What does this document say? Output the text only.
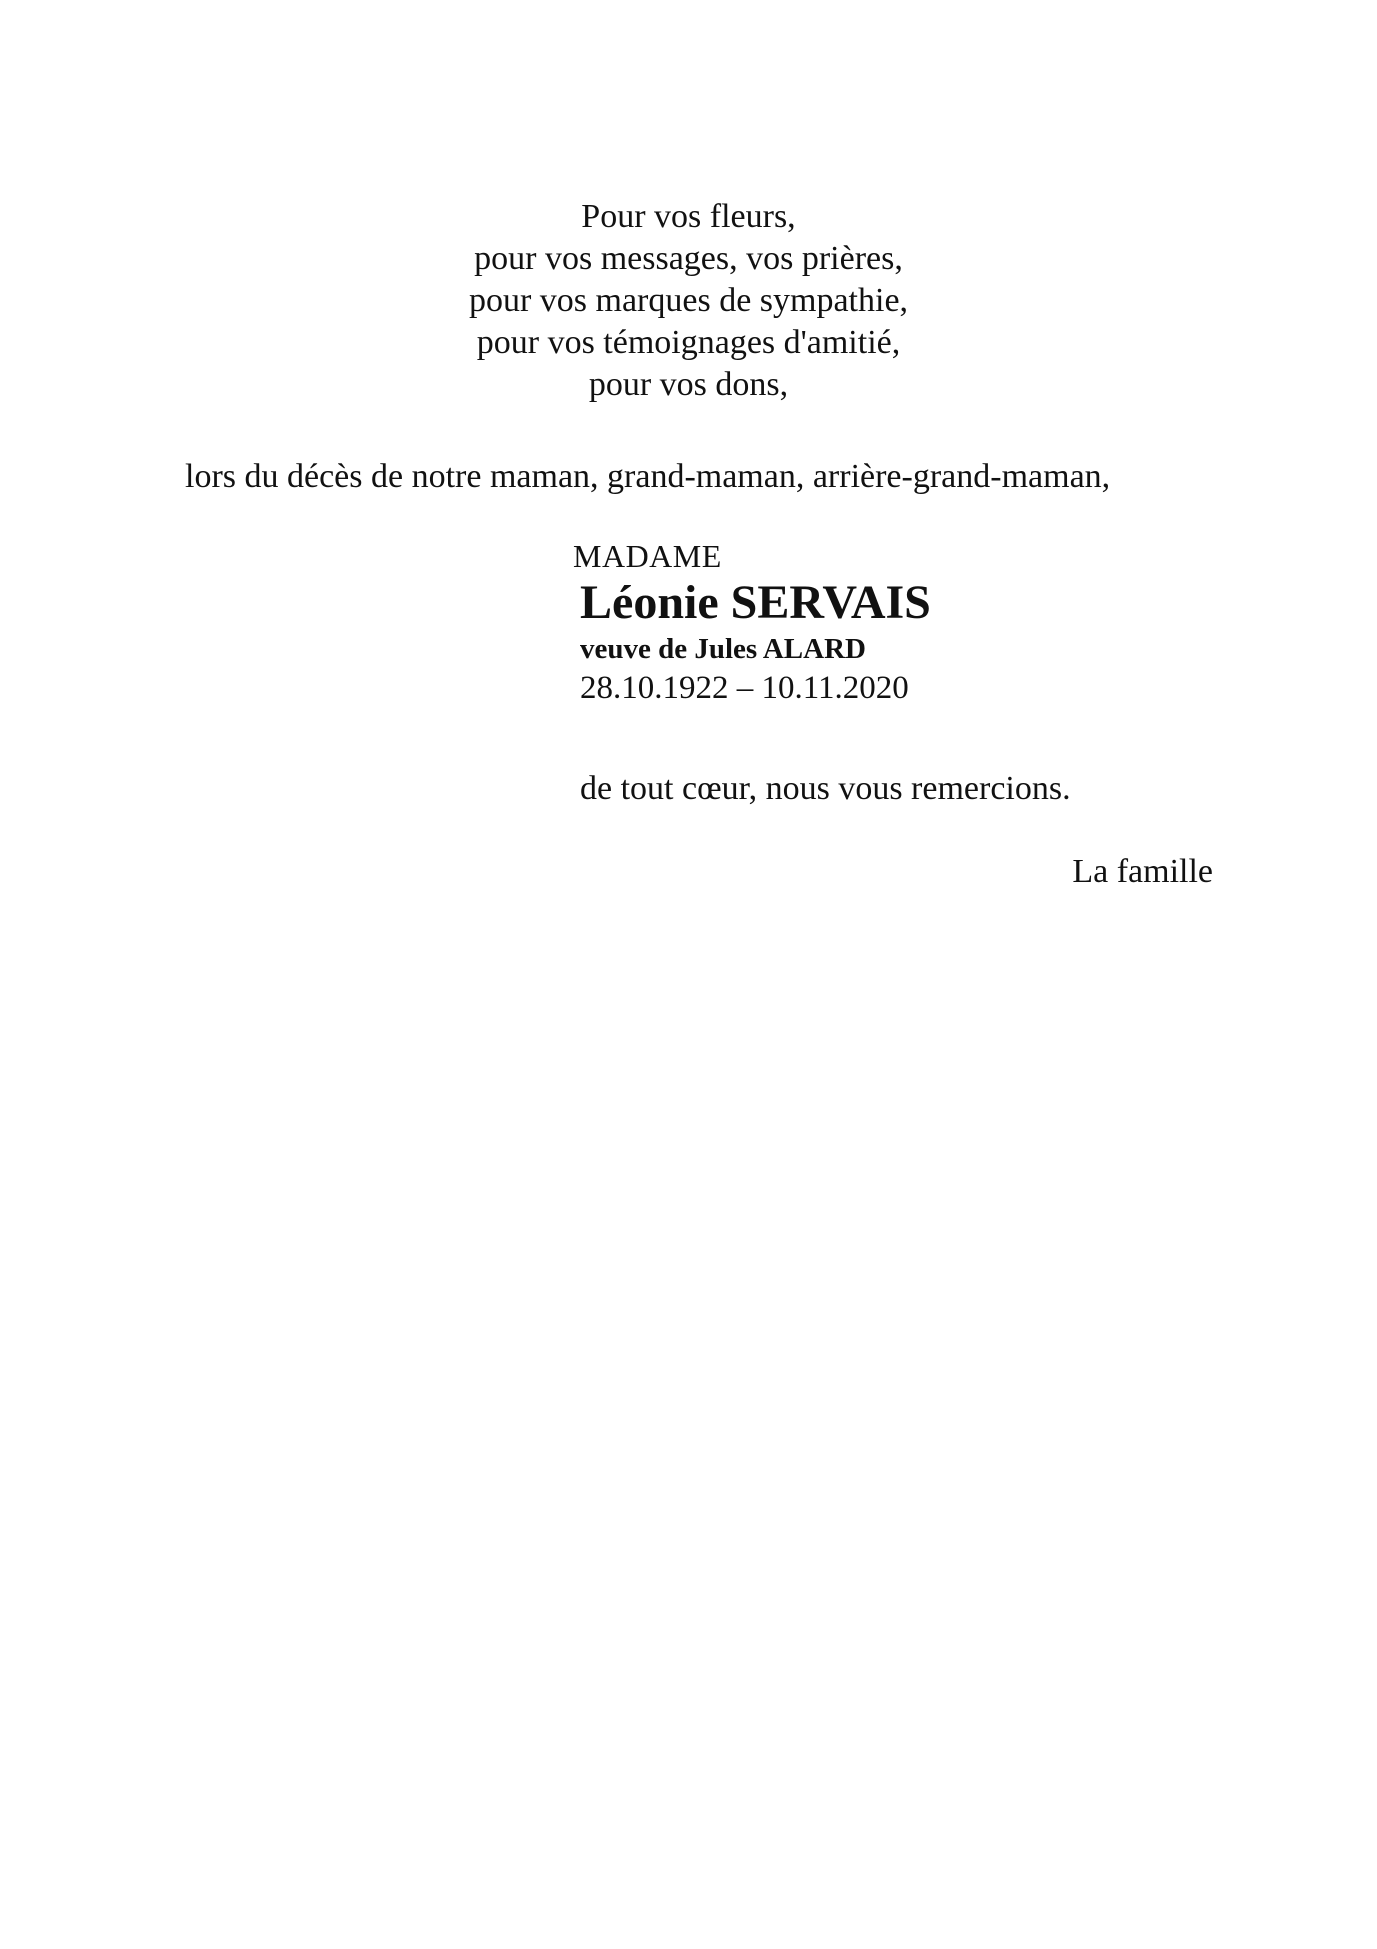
Pour vos fleurs,
pour vos messages, vos prières,
pour vos marques de sympathie,
pour vos témoignages d'amitié,
pour vos dons,
lors du décès de notre maman, grand-maman, arrière-grand-maman,
MADAME
Léonie SERVAIS
veuve de Jules ALARD
28.10.1922 – 10.11.2020
de tout cœur, nous vous remercions.
La famille
